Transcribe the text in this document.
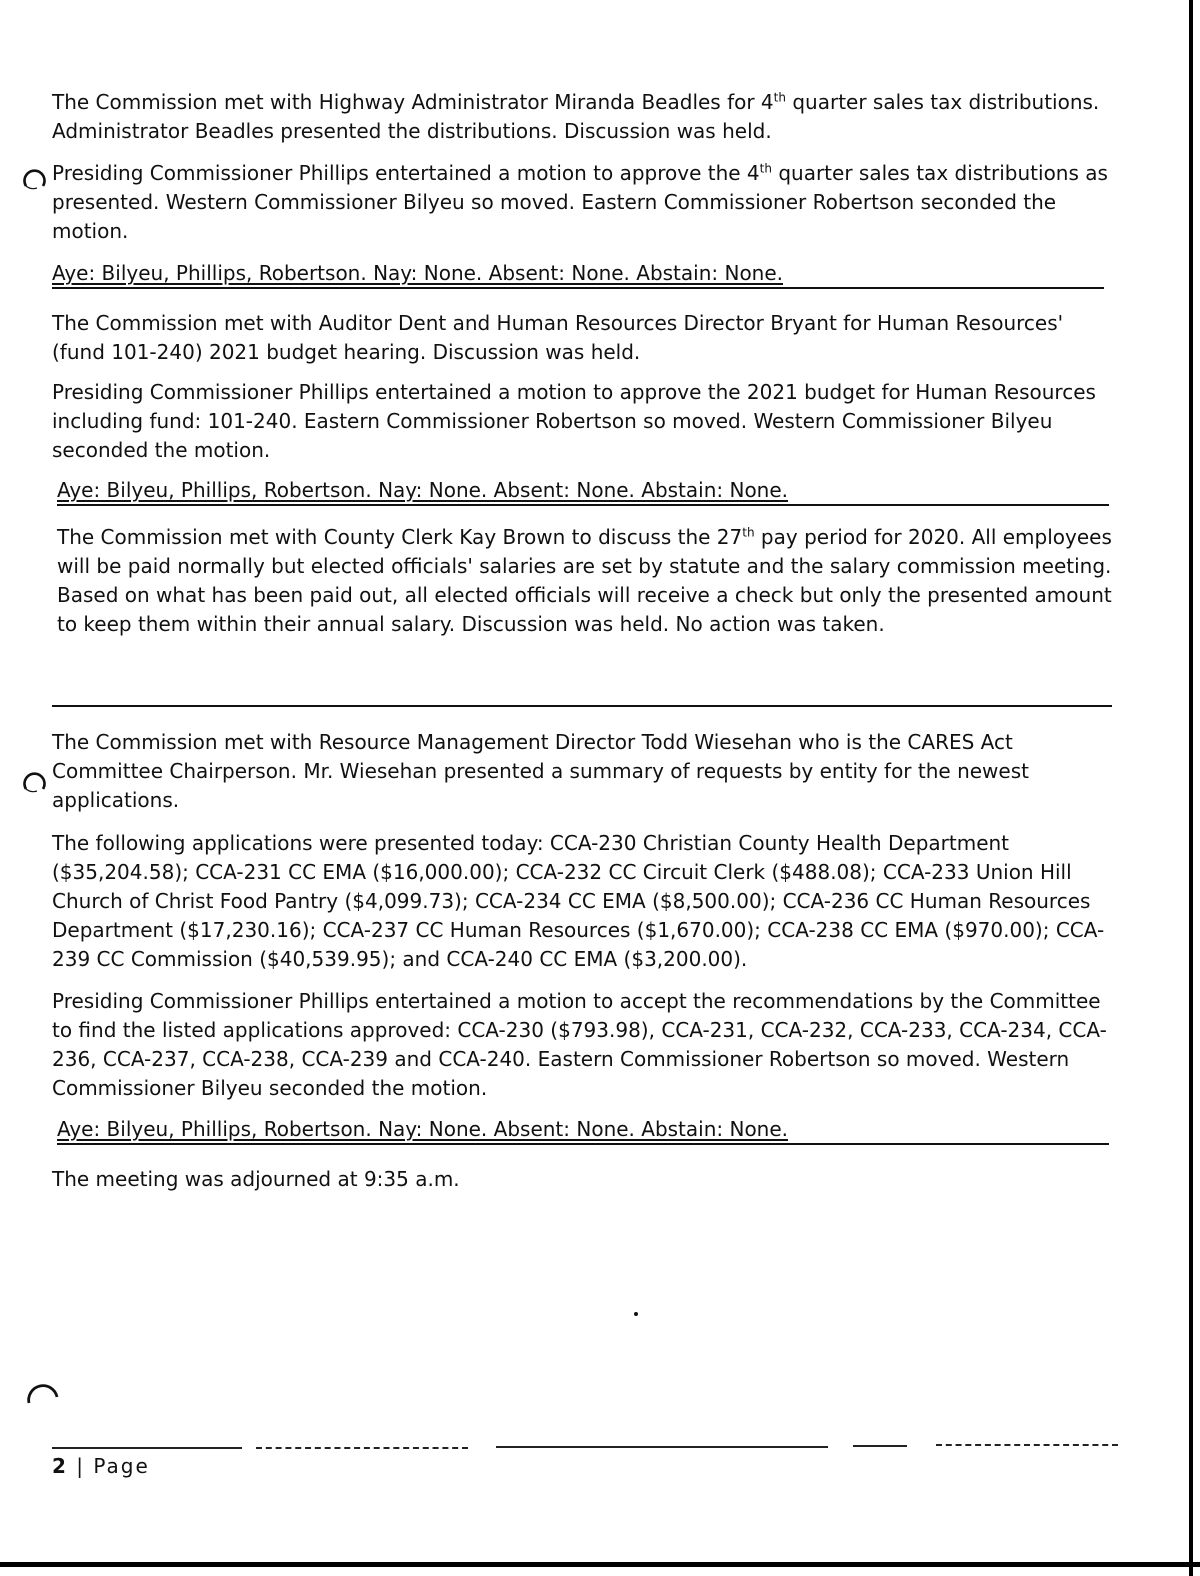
The Commission met with Highway Administrator Miranda Beadles for 4th quarter sales tax distributions. Administrator Beadles presented the distributions. Discussion was held.

Presiding Commissioner Phillips entertained a motion to approve the 4th quarter sales tax distributions as presented. Western Commissioner Bilyeu so moved. Eastern Commissioner Robertson seconded the motion.

Aye: Bilyeu, Phillips, Robertson. Nay: None. Absent: None. Abstain: None.

The Commission met with Auditor Dent and Human Resources Director Bryant for Human Resources' (fund 101-240) 2021 budget hearing. Discussion was held.

Presiding Commissioner Phillips entertained a motion to approve the 2021 budget for Human Resources including fund: 101-240. Eastern Commissioner Robertson so moved. Western Commissioner Bilyeu seconded the motion.

Aye: Bilyeu, Phillips, Robertson. Nay: None. Absent: None. Abstain: None.

The Commission met with County Clerk Kay Brown to discuss the 27th pay period for 2020. All employees will be paid normally but elected officials' salaries are set by statute and the salary commission meeting. Based on what has been paid out, all elected officials will receive a check but only the presented amount to keep them within their annual salary. Discussion was held. No action was taken.

The Commission met with Resource Management Director Todd Wiesehan who is the CARES Act Committee Chairperson. Mr. Wiesehan presented a summary of requests by entity for the newest applications.

The following applications were presented today: CCA-230 Christian County Health Department ($35,204.58); CCA-231 CC EMA ($16,000.00); CCA-232 CC Circuit Clerk ($488.08); CCA-233 Union Hill Church of Christ Food Pantry ($4,099.73); CCA-234 CC EMA ($8,500.00); CCA-236 CC Human Resources Department ($17,230.16); CCA-237 CC Human Resources ($1,670.00); CCA-238 CC EMA ($970.00); CCA-239 CC Commission ($40,539.95); and CCA-240 CC EMA ($3,200.00).

Presiding Commissioner Phillips entertained a motion to accept the recommendations by the Committee to find the listed applications approved: CCA-230 ($793.98), CCA-231, CCA-232, CCA-233, CCA-234, CCA-236, CCA-237, CCA-238, CCA-239 and CCA-240. Eastern Commissioner Robertson so moved. Western Commissioner Bilyeu seconded the motion.

Aye: Bilyeu, Phillips, Robertson. Nay: None. Absent: None. Abstain: None.

The meeting was adjourned at 9:35 a.m.

2 | Page
